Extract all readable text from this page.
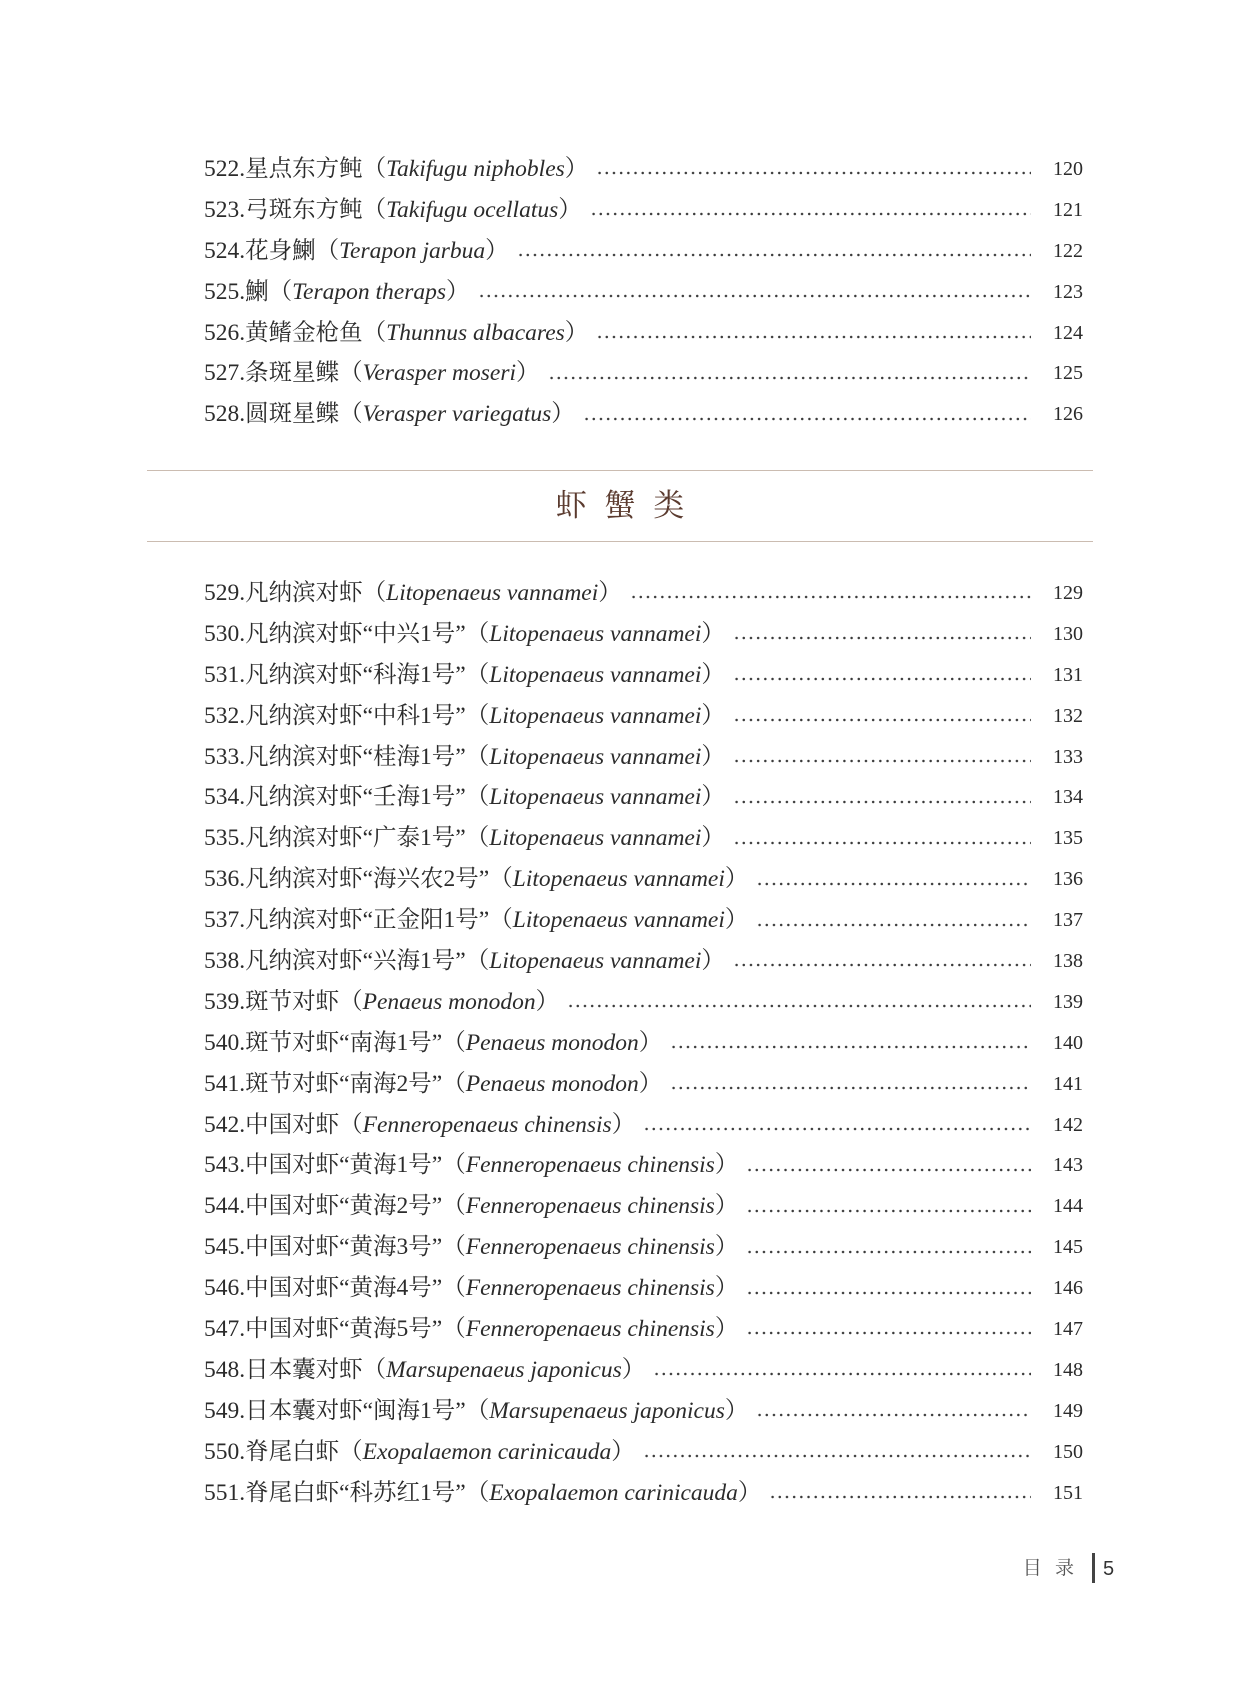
522. 星点东方鲀 （ Takifugu niphobles ）	120
523. 弓斑东方鲀 （ Takifugu ocellatus ）	121
524. 花身鯻 （ Terapon jarbua ）	122
525. 鯻 （ Terapon theraps ）	123
526. 黄鳍金枪鱼 （ Thunnus albacares ）	124
527. 条斑星鲽 （ Verasper moseri ）	125
528. 圆斑星鲽 （ Verasper variegatus ）	126
虾 蟹 类
529. 凡纳滨对虾 （ Litopenaeus vannamei ）	129
530. 凡纳滨对虾“中兴1号” （ Litopenaeus vannamei ）	130
531. 凡纳滨对虾“科海1号” （ Litopenaeus vannamei ）	131
532. 凡纳滨对虾“中科1号” （ Litopenaeus vannamei ）	132
533. 凡纳滨对虾“桂海1号” （ Litopenaeus vannamei ）	133
534. 凡纳滨对虾“壬海1号” （ Litopenaeus vannamei ）	134
535. 凡纳滨对虾“广泰1号” （ Litopenaeus vannamei ）	135
536. 凡纳滨对虾“海兴农2号” （ Litopenaeus vannamei ）	136
537. 凡纳滨对虾“正金阳1号” （ Litopenaeus vannamei ）	137
538. 凡纳滨对虾“兴海1号” （ Litopenaeus vannamei ）	138
539. 斑节对虾 （ Penaeus monodon ）	139
540. 斑节对虾“南海1号” （ Penaeus monodon ）	140
541. 斑节对虾“南海2号” （ Penaeus monodon ）	141
542. 中国对虾 （ Fenneropenaeus chinensis ）	142
543. 中国对虾“黄海1号” （ Fenneropenaeus chinensis ）	143
544. 中国对虾“黄海2号” （ Fenneropenaeus chinensis ）	144
545. 中国对虾“黄海3号” （ Fenneropenaeus chinensis ）	145
546. 中国对虾“黄海4号” （ Fenneropenaeus chinensis ）	146
547. 中国对虾“黄海5号” （ Fenneropenaeus chinensis ）	147
548. 日本囊对虾 （ Marsupenaeus japonicus ）	148
549. 日本囊对虾“闽海1号” （ Marsupenaeus japonicus ）	149
550. 脊尾白虾 （ Exopalaemon carinicauda ）	150
551. 脊尾白虾“科苏红1号” （ Exopalaemon carinicauda ）	151
目 录 5
